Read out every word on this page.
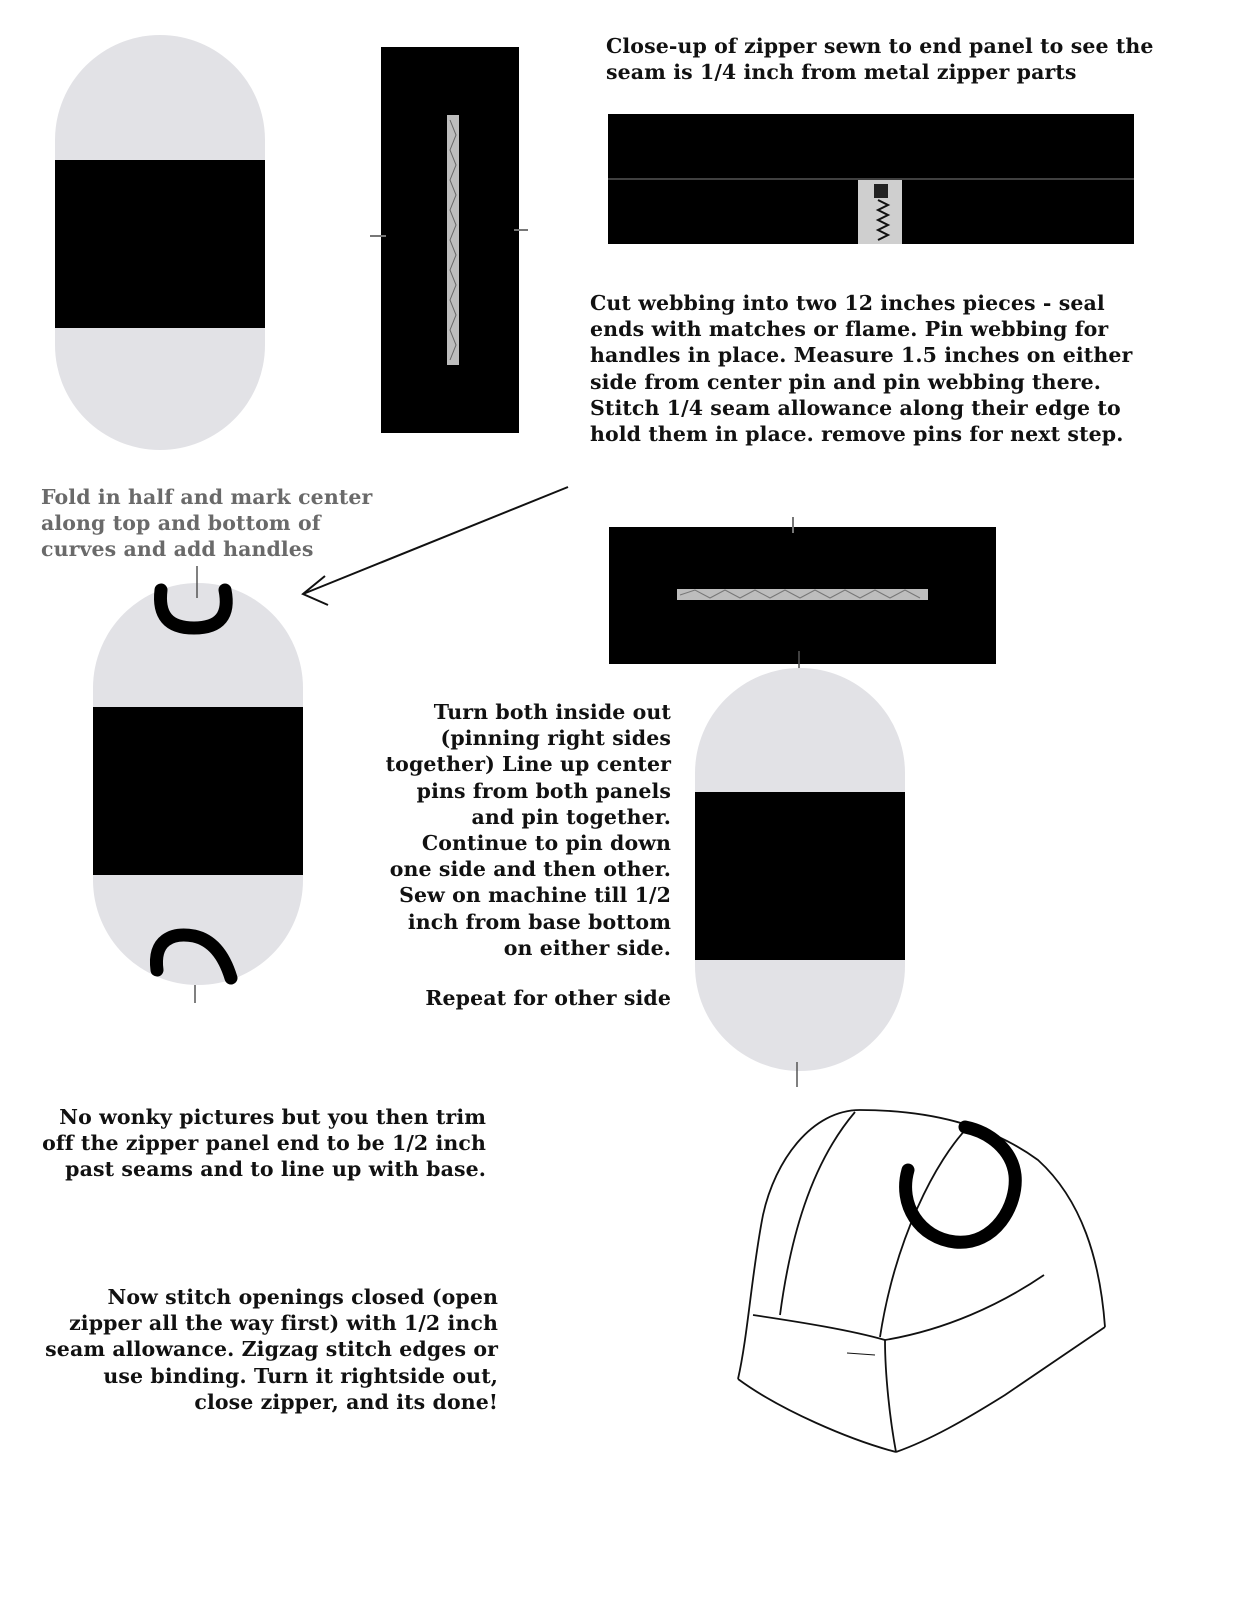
Close-up of zipper sewn to end panel to see the
seam is 1/4 inch from metal zipper parts

Cut webbing into two 12 inches pieces - seal
ends with matches or flame. Pin webbing for
handles in place. Measure 1.5 inches on either
side from center pin and pin webbing there.
Stitch 1/4 seam allowance along their edge to
hold them in place. remove pins for next step.

Fold in half and mark center
along top and bottom of
curves and add handles

Turn both inside out
(pinning right sides
together) Line up center
pins from both panels
and pin together.
Continue to pin down
one side and then other.
Sew on machine till 1/2
inch from base bottom
on either side.

Repeat for other side

No wonky pictures but you then trim
off the zipper panel end to be 1/2 inch
past seams and to line up with base.

Now stitch openings closed (open
zipper all the way first) with 1/2 inch
seam allowance. Zigzag stitch edges or
use binding. Turn it rightside out,
close zipper, and its done!
